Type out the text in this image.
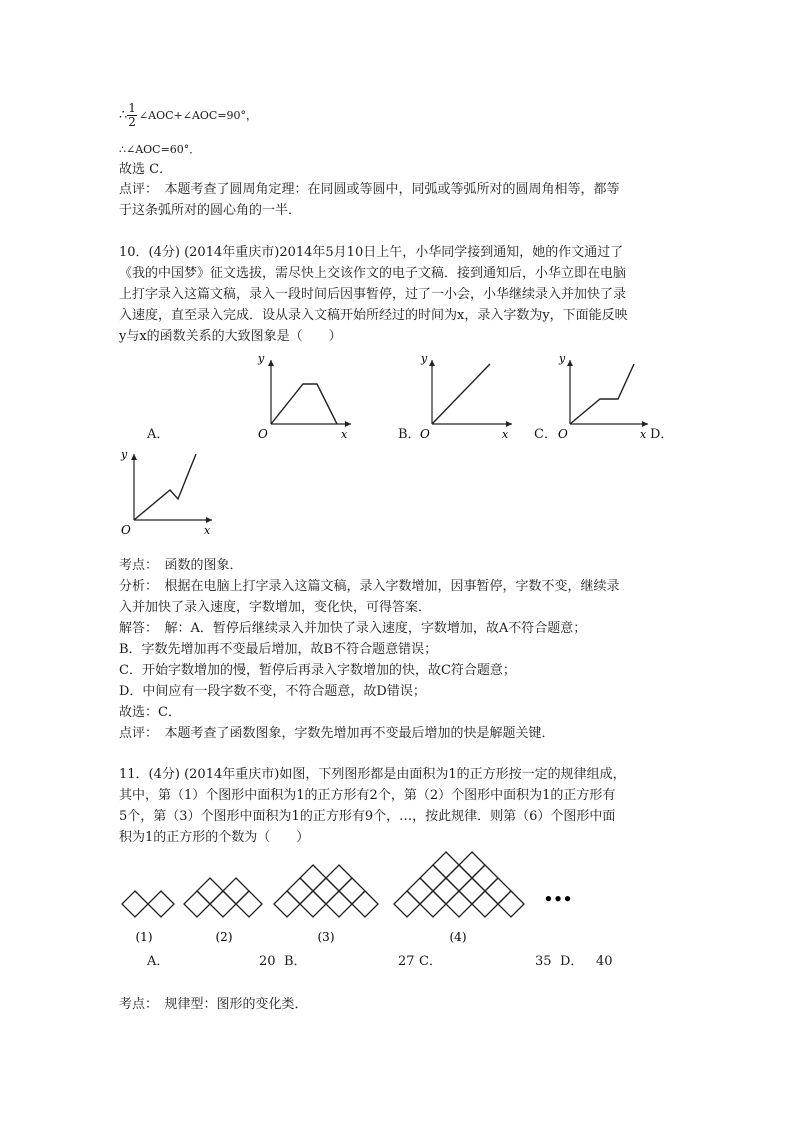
∴ $\frac{1}{2}$ ∠AOC+∠AOC=90°，
∴∠AOC=60°．
故选 C．
点评：　本题考查了圆周角定理：在同圆或等圆中，同弧或等弧所对的圆周角相等，都等
于这条弧所对的圆心角的一半．
10．(4分) (2014年重庆市)2014年5月10日上午，小华同学接到通知，她的作文通过了
《我的中国梦》征文选拔，需尽快上交该作文的电子文稿．接到通知后，小华立即在电脑
上打字录入这篇文稿，录入一段时间后因事暂停，过了一小会，小华继续录入并加快了录
入速度，直至录入完成．设从录入文稿开始所经过的时间为x，录入字数为y，下面能反映
y与x的函数关系的大致图象是（　　）
A．	B．	C．	D．
y
x
O
y
x
O
y
x
O
y
x
O
考点：　函数的图象．
分析：　根据在电脑上打字录入这篇文稿，录入字数增加，因事暂停，字数不变，继续录
入并加快了录入速度，字数增加，变化快，可得答案．
解答：　解：A．暂停后继续录入并加快了录入速度，字数增加，故A不符合题意；
B．字数先增加再不变最后增加，故B不符合题意错误；
C．开始字数增加的慢，暂停后再录入字数增加的快，故C符合题意；
D．中间应有一段字数不变，不符合题意，故D错误；
故选：C．
点评：　本题考查了函数图象，字数先增加再不变最后增加的快是解题关键．
11．(4分) (2014年重庆市)如图，下列图形都是由面积为1的正方形按一定的规律组成，
其中，第（1）个图形中面积为1的正方形有2个，第（2）个图形中面积为1的正方形有
5个，第（3）个图形中面积为1的正方形有9个，…，按此规律．则第（6）个图形中面
积为1的正方形的个数为（　　）
(1)	(2)	(3)	(4)
•••
A．	20 B．	27 C．	35 D． 40
考点：　规律型：图形的变化类．
